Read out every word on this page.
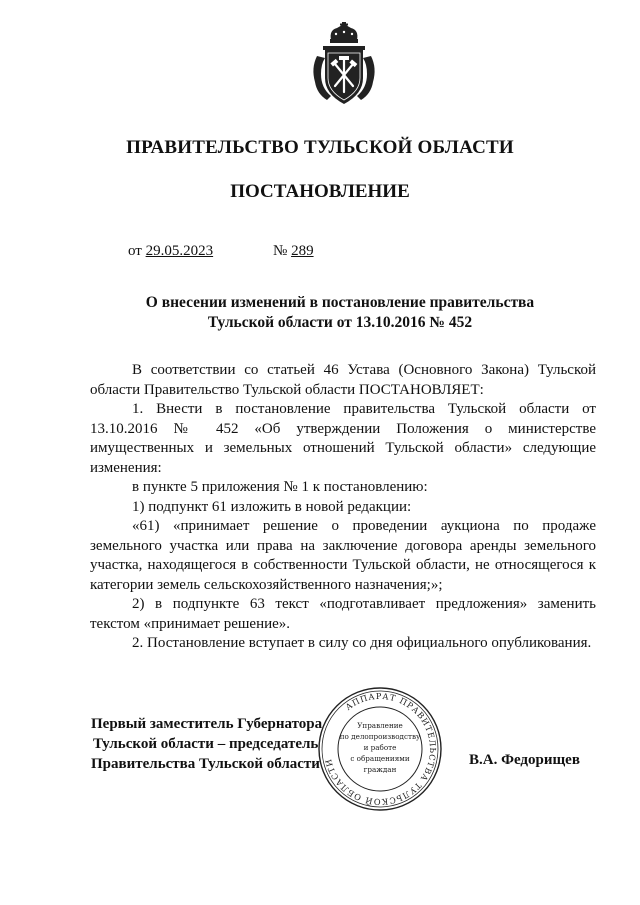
ПРАВИТЕЛЬСТВО ТУЛЬСКОЙ ОБЛАСТИ
ПОСТАНОВЛЕНИЕ
от 29.05.2023	№ 289
О внесении изменений в постановление правительства
Тульской области от 13.10.2016 № 452

В соответствии со статьей 46 Устава (Основного Закона) Тульской области Правительство Тульской области ПОСТАНОВЛЯЕТ:

1. Внести в постановление правительства Тульской области от 13.10.2016 № 452 «Об утверждении Положения о министерстве имущественных и земельных отношений Тульской области» следующие изменения:

в пункте 5 приложения № 1 к постановлению:

1) подпункт 61 изложить в новой редакции:

«61) «принимает решение о проведении аукциона по продаже земельного участка или права на заключение договора аренды земельного участка, находящегося в собственности Тульской области, не относящегося к категории земель сельскохозяйственного назначения;»;

2) в подпункте 63 текст «подготавливает предложения» заменить текстом «принимает решение».

2. Постановление вступает в силу со дня официального опубликования.

Первый заместитель Губернатора
Тульской области – председатель
Правительства Тульской области	В.А. Федорищев
АППАРАТ ПРАВИТЕЛЬСТВА ТУЛЬСКОЙ ОБЛАСТИ
Управление
по делопроизводству
и работе
с обращениями
граждан
